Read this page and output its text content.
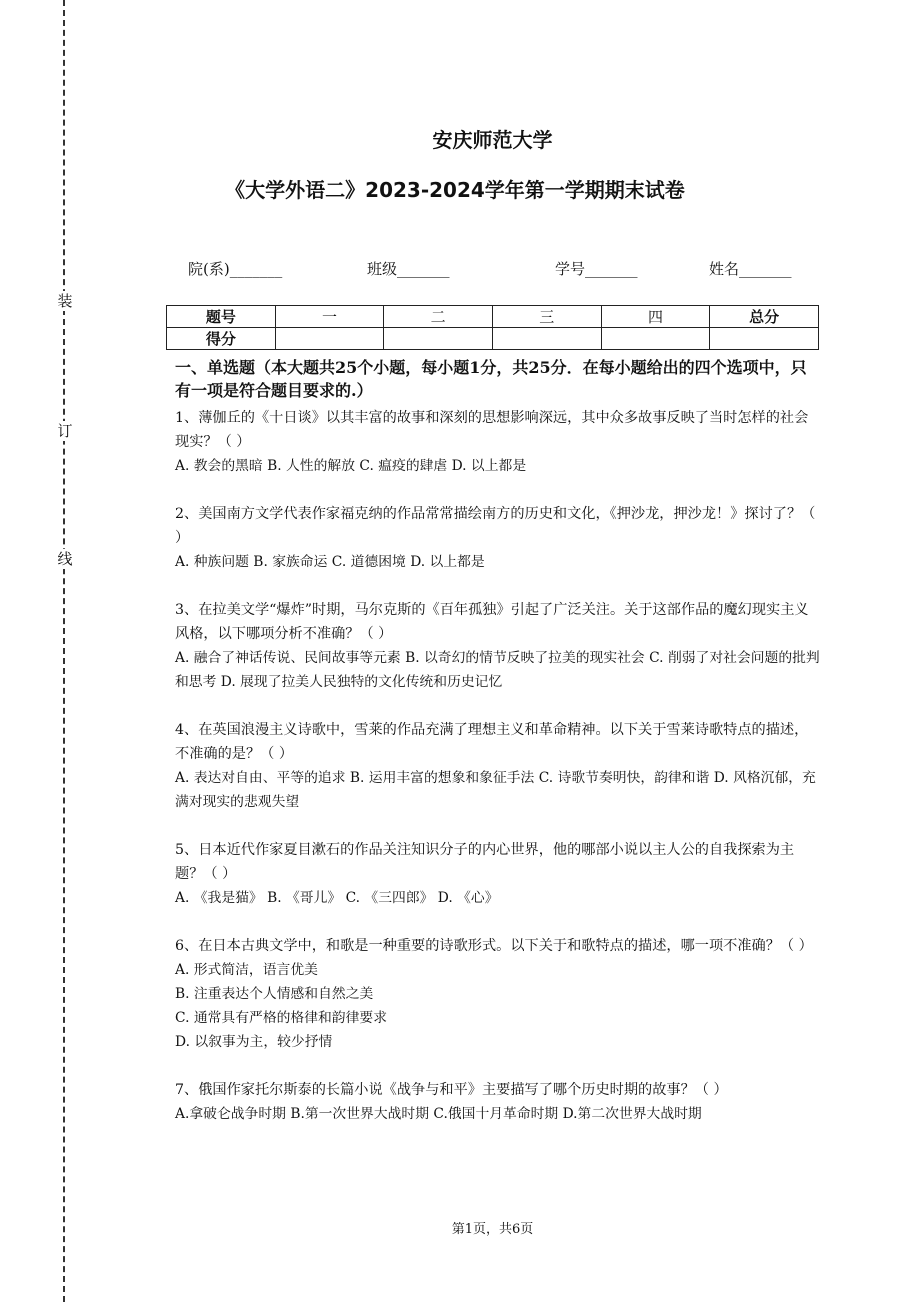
装
订
线
安庆师范大学
《大学外语二》2023-2024学年第一学期期末试卷
院(系)_______	班级_______	学号_______	姓名_______
题号	一	二	三	四	总分
得分					

一、单选题（本大题共25个小题，每小题1分，共25分．在每小题给出的四个选项中，只有一项是符合题目要求的.）

1、薄伽丘的《十日谈》以其丰富的故事和深刻的思想影响深远，其中众多故事反映了当时怎样的社会现实？（ ）

A. 教会的黑暗 B. 人性的解放 C. 瘟疫的肆虐 D. 以上都是

2、美国南方文学代表作家福克纳的作品常常描绘南方的历史和文化，《押沙龙，押沙龙！》探讨了？（ ）

A. 种族问题 B. 家族命运 C. 道德困境 D. 以上都是

3、在拉美文学“爆炸”时期，马尔克斯的《百年孤独》引起了广泛关注。关于这部作品的魔幻现实主义风格，以下哪项分析不准确？（ ）

A. 融合了神话传说、民间故事等元素 B. 以奇幻的情节反映了拉美的现实社会 C. 削弱了对社会问题的批判和思考 D. 展现了拉美人民独特的文化传统和历史记忆

4、在英国浪漫主义诗歌中，雪莱的作品充满了理想主义和革命精神。以下关于雪莱诗歌特点的描述，不准确的是？（ ）

A. 表达对自由、平等的追求 B. 运用丰富的想象和象征手法 C. 诗歌节奏明快，韵律和谐 D. 风格沉郁，充满对现实的悲观失望

5、日本近代作家夏目漱石的作品关注知识分子的内心世界，他的哪部小说以主人公的自我探索为主题？（ ）

A. 《我是猫》 B. 《哥儿》 C. 《三四郎》 D. 《心》

6、在日本古典文学中，和歌是一种重要的诗歌形式。以下关于和歌特点的描述，哪一项不准确？（ ）

A. 形式简洁，语言优美

B. 注重表达个人情感和自然之美

C. 通常具有严格的格律和韵律要求

D. 以叙事为主，较少抒情

7、俄国作家托尔斯泰的长篇小说《战争与和平》主要描写了哪个历史时期的故事？（ ）

A.拿破仑战争时期 B.第一次世界大战时期 C.俄国十月革命时期 D.第二次世界大战时期

第1页，共6页
